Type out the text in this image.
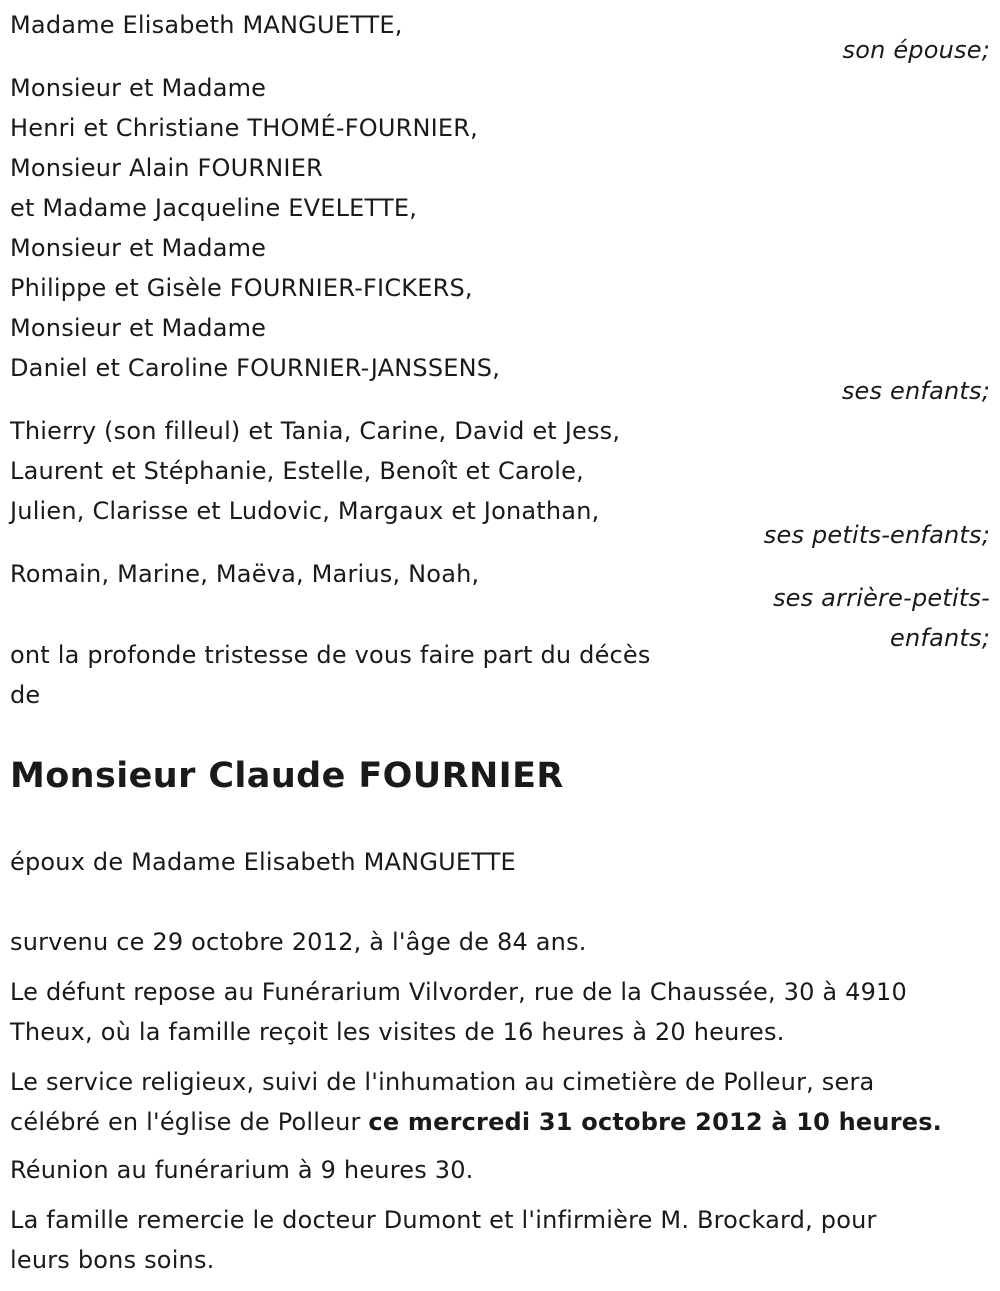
Madame Elisabeth MANGUETTE,
son épouse;
Monsieur et Madame
Henri et Christiane THOMÉ-FOURNIER,
Monsieur Alain FOURNIER
et Madame Jacqueline EVELETTE,
Monsieur et Madame
Philippe et Gisèle FOURNIER-FICKERS,
Monsieur et Madame
Daniel et Caroline FOURNIER-JANSSENS,
ses enfants;
Thierry (son filleul) et Tania, Carine, David et Jess,
Laurent et Stéphanie, Estelle, Benoît et Carole,
Julien, Clarisse et Ludovic, Margaux et Jonathan,
ses petits-enfants;
Romain, Marine, Maëva, Marius, Noah,
ses arrière-petits-
enfants;
ont la profonde tristesse de vous faire part du décès
de
Monsieur Claude FOURNIER
époux de Madame Elisabeth MANGUETTE
survenu ce 29 octobre 2012, à l'âge de 84 ans.
Le défunt repose au Funérarium Vilvorder, rue de la Chaussée, 30 à 4910
Theux, où la famille reçoit les visites de 16 heures à 20 heures.
Le service religieux, suivi de l'inhumation au cimetière de Polleur, sera
célébré en l'église de Polleur ce mercredi 31 octobre 2012 à 10 heures.
Réunion au funérarium à 9 heures 30.
La famille remercie le docteur Dumont et l'infirmière M. Brockard, pour
leurs bons soins.
